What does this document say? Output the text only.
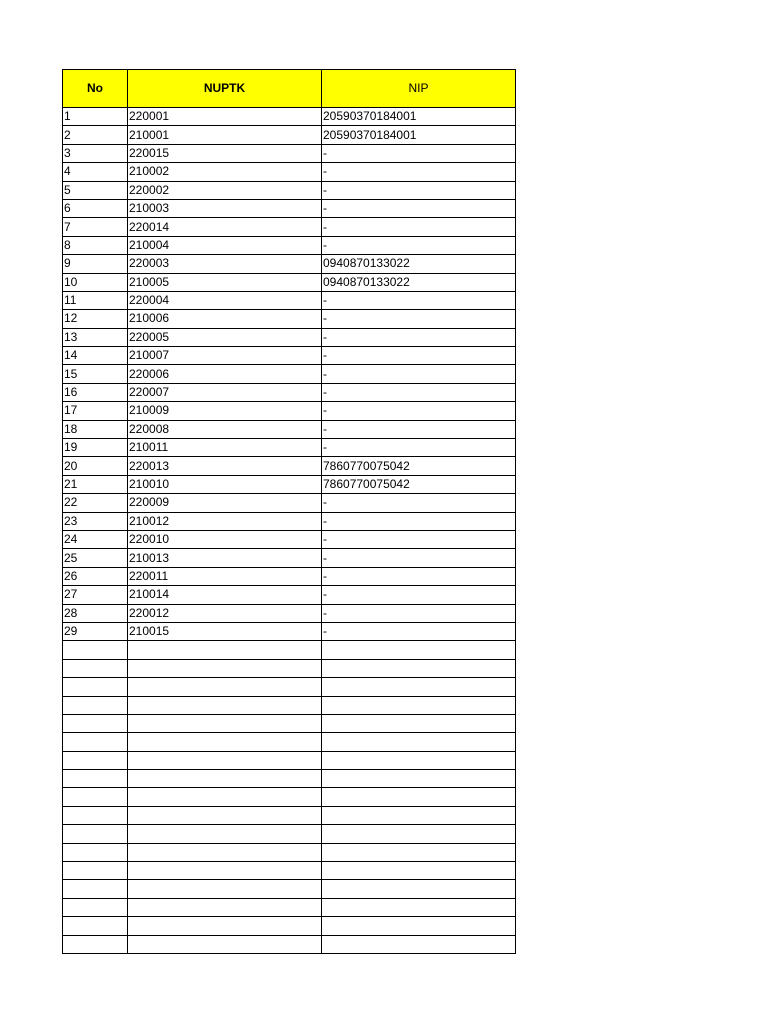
No	NUPTK	NIP
1	220001	20590370184001
2	210001	20590370184001
3	220015	-
4	210002	-
5	220002	-
6	210003	-
7	220014	-
8	210004	-
9	220003	0940870133022
10	210005	0940870133022
11	220004	-
12	210006	-
13	220005	-
14	210007	-
15	220006	-
16	220007	-
17	210009	-
18	220008	-
19	210011	-
20	220013	7860770075042
21	210010	7860770075042
22	220009	-
23	210012	-
24	220010	-
25	210013	-
26	220011	-
27	210014	-
28	220012	-
29	210015	-
